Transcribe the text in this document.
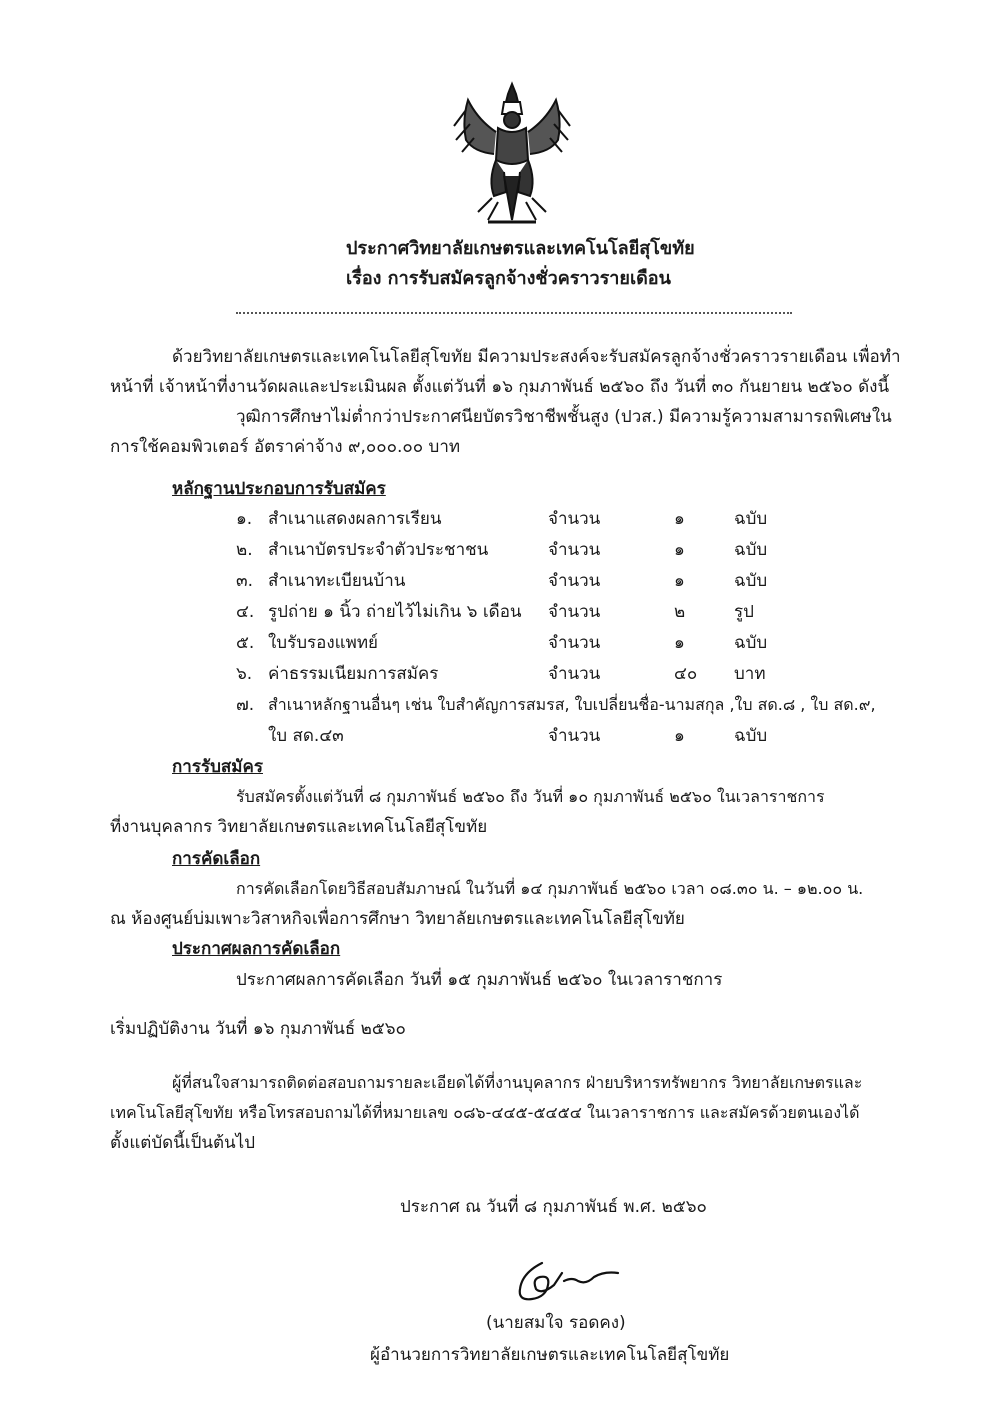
ประกาศวิทยาลัยเกษตรและเทคโนโลยีสุโขทัย
เรื่อง การรับสมัครลูกจ้างชั่วคราวรายเดือน
ด้วยวิทยาลัยเกษตรและเทคโนโลยีสุโขทัย มีความประสงค์จะรับสมัครลูกจ้างชั่วคราวรายเดือน เพื่อทำ
หน้าที่ เจ้าหน้าที่งานวัดผลและประเมินผล ตั้งแต่วันที่ ๑๖ กุมภาพันธ์ ๒๕๖๐ ถึง วันที่ ๓๐ กันยายน ๒๕๖๐ ดังนี้
วุฒิการศึกษาไม่ต่ำกว่าประกาศนียบัตรวิชาชีพชั้นสูง (ปวส.) มีความรู้ความสามารถพิเศษใน
การใช้คอมพิวเตอร์ อัตราค่าจ้าง ๙,๐๐๐.๐๐ บาท
หลักฐานประกอบการรับสมัคร
๑. สำเนาแสดงผลการเรียน	จำนวน	๑	ฉบับ
๒. สำเนาบัตรประจำตัวประชาชน	จำนวน	๑	ฉบับ
๓. สำเนาทะเบียนบ้าน	จำนวน	๑	ฉบับ
๔. รูปถ่าย ๑ นิ้ว ถ่ายไว้ไม่เกิน ๖ เดือน จำนวน	๒	รูป
๕. ใบรับรองแพทย์	จำนวน	๑	ฉบับ
๖. ค่าธรรมเนียมการสมัคร	จำนวน	๔๐ บาท
๗. สำเนาหลักฐานอื่นๆ เช่น ใบสำคัญการสมรส, ใบเปลี่ยนชื่อ-นามสกุล ,ใบ สด.๘ , ใบ สด.๙,
ใบ สด.๔๓	จำนวน	๑	ฉบับ
การรับสมัคร
รับสมัครตั้งแต่วันที่ ๘ กุมภาพันธ์ ๒๕๖๐ ถึง วันที่ ๑๐ กุมภาพันธ์ ๒๕๖๐ ในเวลาราชการ
ที่งานบุคลากร วิทยาลัยเกษตรและเทคโนโลยีสุโขทัย
การคัดเลือก
การคัดเลือกโดยวิธีสอบสัมภาษณ์ ในวันที่ ๑๔ กุมภาพันธ์ ๒๕๖๐ เวลา ๐๘.๓๐ น. – ๑๒.๐๐ น.
ณ ห้องศูนย์บ่มเพาะวิสาหกิจเพื่อการศึกษา วิทยาลัยเกษตรและเทคโนโลยีสุโขทัย
ประกาศผลการคัดเลือก
ประกาศผลการคัดเลือก วันที่ ๑๕ กุมภาพันธ์ ๒๕๖๐ ในเวลาราชการ
เริ่มปฏิบัติงาน วันที่ ๑๖ กุมภาพันธ์ ๒๕๖๐
ผู้ที่สนใจสามารถติดต่อสอบถามรายละเอียดได้ที่งานบุคลากร ฝ่ายบริหารทรัพยากร วิทยาลัยเกษตรและ
เทคโนโลยีสุโขทัย หรือโทรสอบถามได้ที่หมายเลข ๐๘๖-๔๔๕-๕๔๕๔ ในเวลาราชการ และสมัครด้วยตนเองได้
ตั้งแต่บัดนี้เป็นต้นไป
ประกาศ ณ วันที่ ๘ กุมภาพันธ์ พ.ศ. ๒๕๖๐
(นายสมใจ รอดคง)
ผู้อำนวยการวิทยาลัยเกษตรและเทคโนโลยีสุโขทัย
